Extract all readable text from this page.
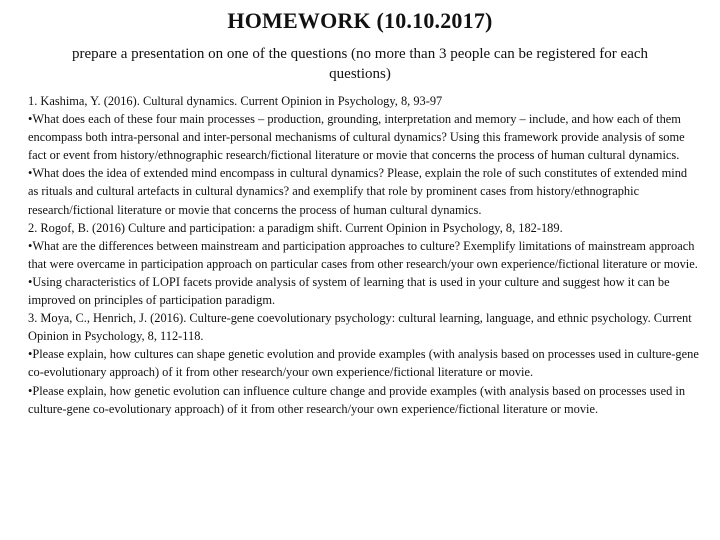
HOMEWORK (10.10.2017)

prepare a presentation on one of the questions (no more than 3 people can be registered for each questions)

1. Kashima, Y. (2016). Cultural dynamics. Current Opinion in Psychology, 8, 93-97

•What does each of these four main processes – production, grounding, interpretation and memory – include, and how each of them encompass both intra-personal and inter-personal mechanisms of cultural dynamics? Using this framework provide analysis of some fact or event from history/ethnographic research/fictional literature or movie that concerns the process of human cultural dynamics.

•What does the idea of extended mind encompass in cultural dynamics? Please, explain the role of such constitutes of extended mind as rituals and cultural artefacts in cultural dynamics? and exemplify that role by prominent cases from history/ethnographic research/fictional literature or movie that concerns the process of human cultural dynamics.

2. Rogof, B. (2016) Culture and participation: a paradigm shift. Current Opinion in Psychology, 8, 182-189.

•What are the differences between mainstream and participation approaches to culture? Exemplify limitations of mainstream approach that were overcame in participation approach on particular cases from other research/your own experience/fictional literature or movie.

•Using characteristics of LOPI facets provide analysis of system of learning that is used in your culture and suggest how it can be improved on principles of participation paradigm.

3. Moya, C., Henrich, J. (2016). Culture-gene coevolutionary psychology: cultural learning, language, and ethnic psychology. Current Opinion in Psychology, 8, 112-118.

•Please explain, how cultures can shape genetic evolution and provide examples (with analysis based on processes used in culture-gene co-evolutionary approach) of it from other research/your own experience/fictional literature or movie.

•Please explain, how genetic evolution can influence culture change and provide examples (with analysis based on processes used in culture-gene co-evolutionary approach) of it from other research/your own experience/fictional literature or movie.
